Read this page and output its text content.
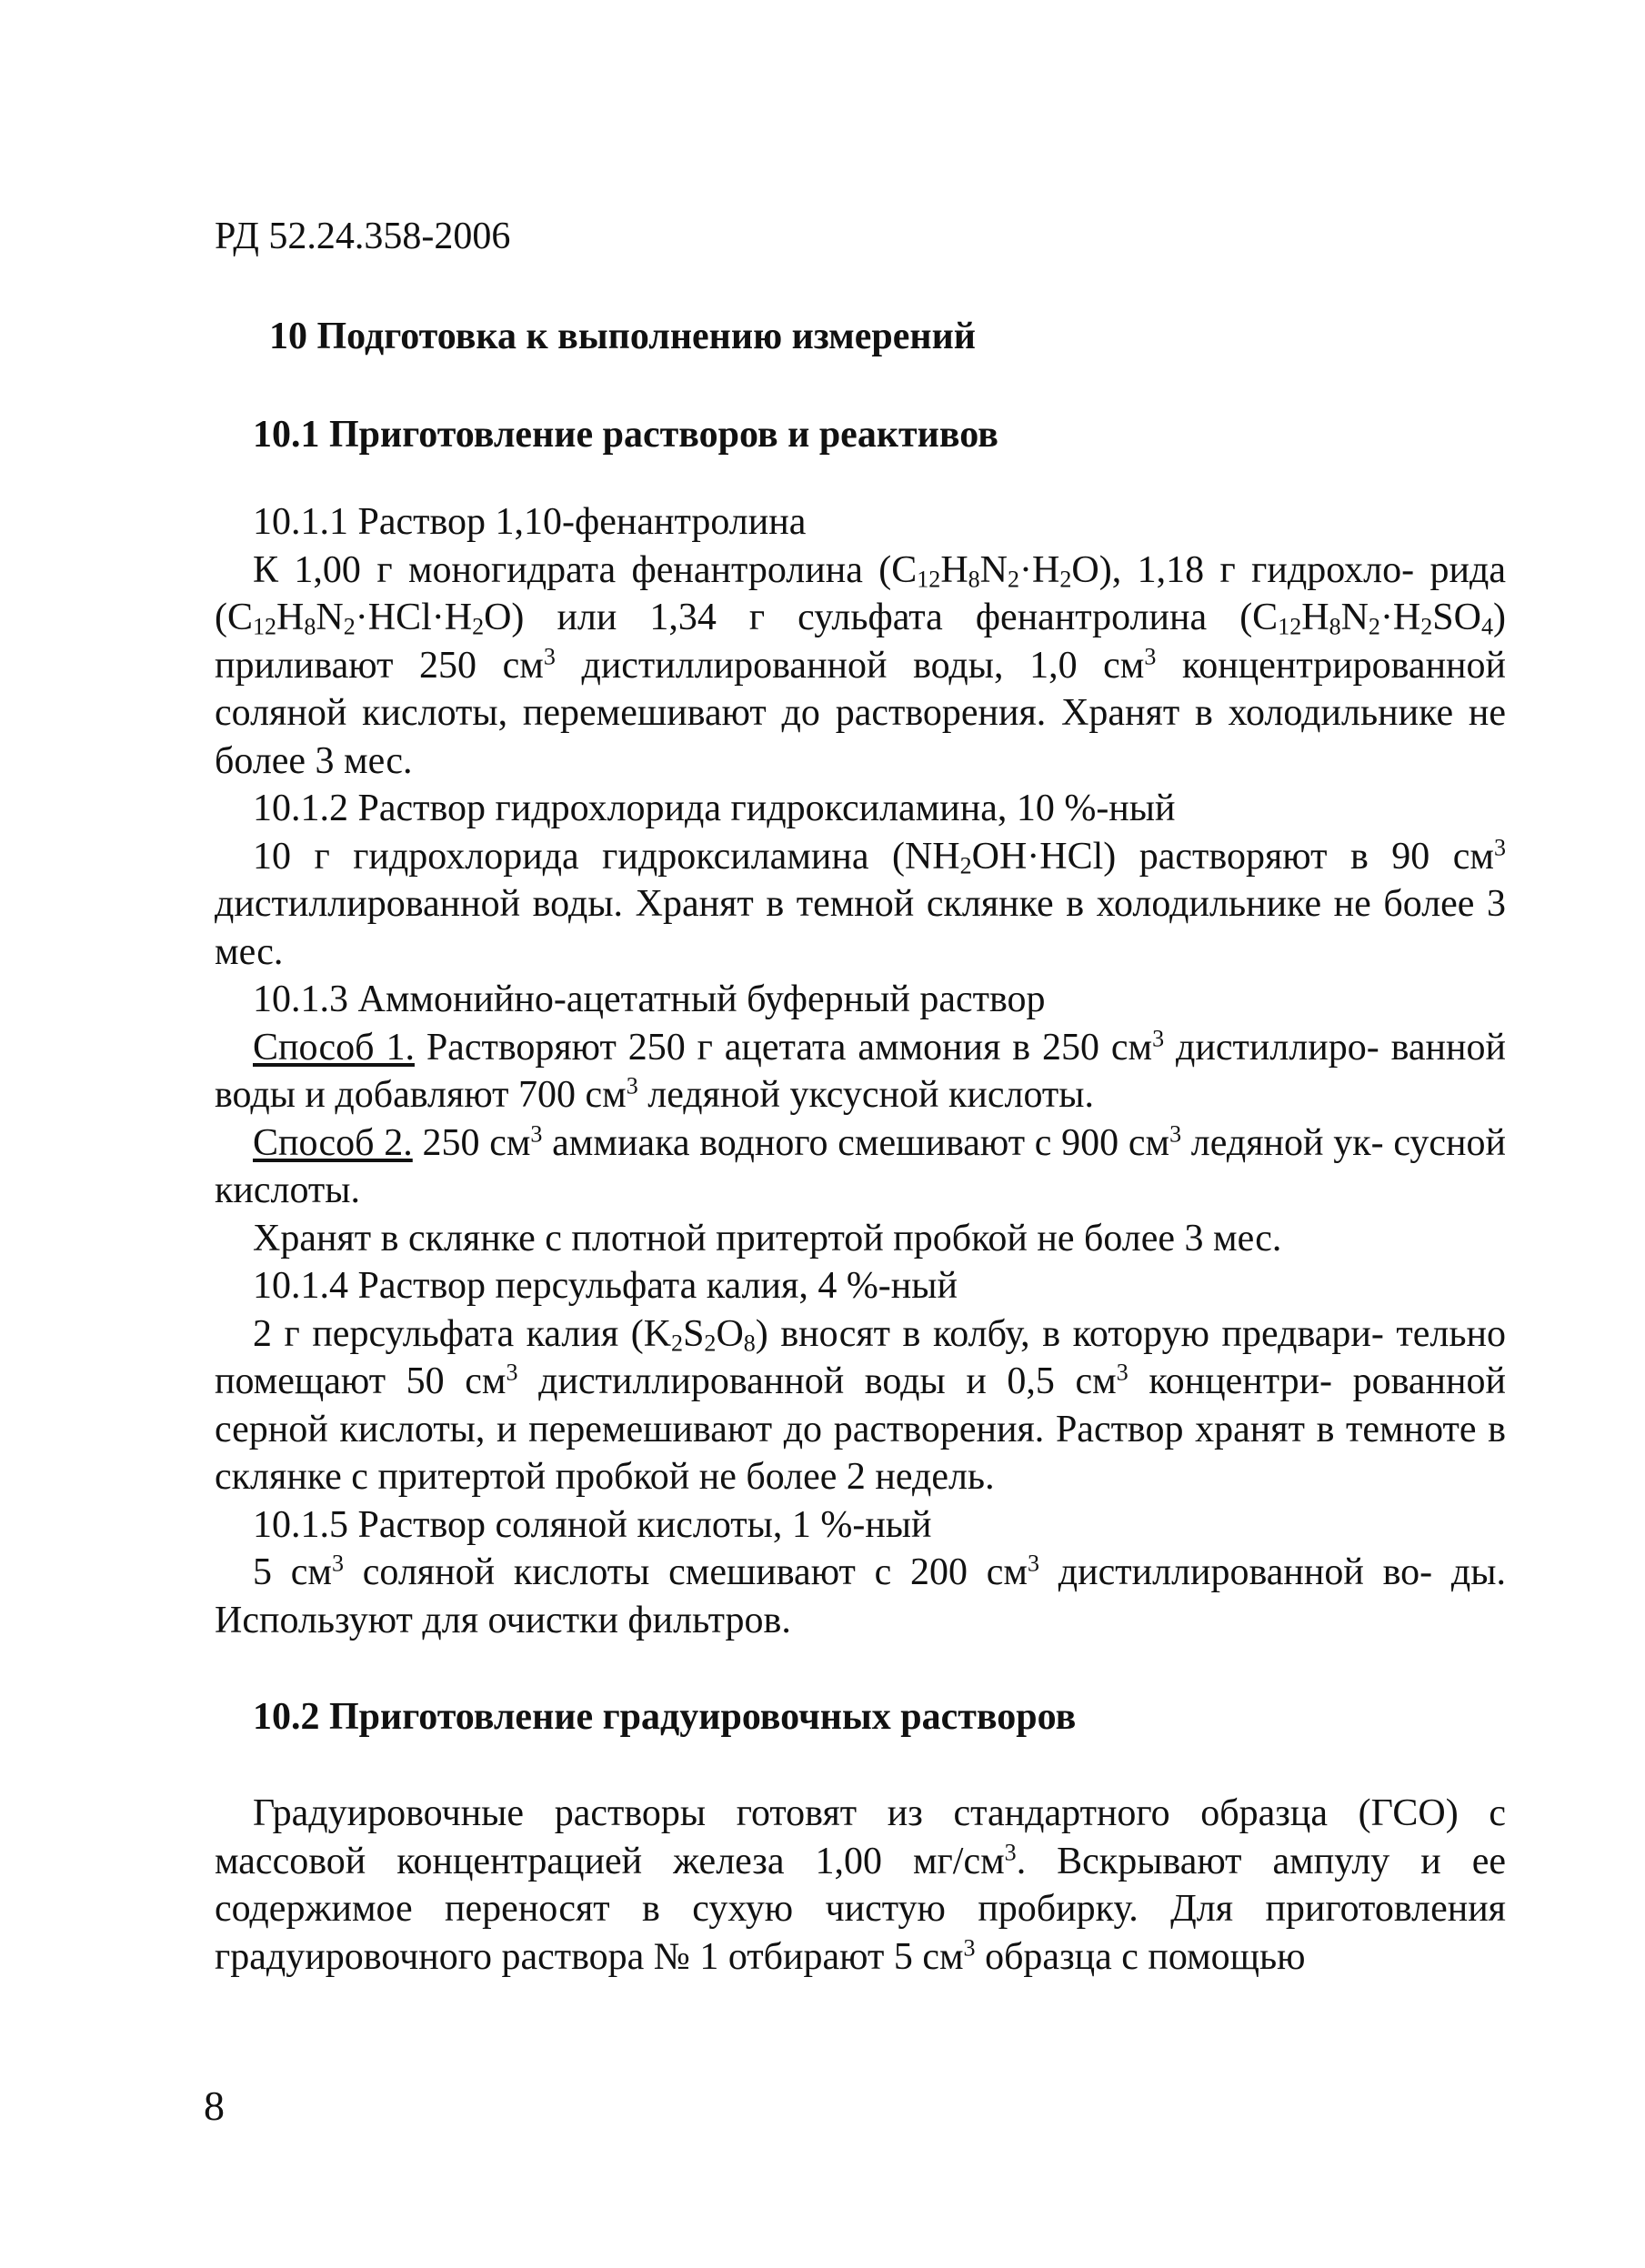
РД 52.24.358-2006
10 Подготовка к выполнению измерений
10.1 Приготовление растворов и реактивов

10.1.1 Раствор 1,10-фенантролина

К 1,00 г моногидрата фенантролина $(C_{12}H_8N_2\cdot H_2O)$, 1,18 г гидрохло- рида $(C_{12}H_8N_2\cdot HCl\cdot H_2O)$ или 1,34 г сульфата фенантролина $(C_{12}H_8N_2\cdot H_2SO_4)$ приливают 250 $см^3$ дистиллированной воды, 1,0 $см^3$ концентрированной соляной кислоты, перемешивают до растворения. Хранят в холодильнике не более 3 мес.

10.1.2 Раствор гидрохлорида гидроксиламина, 10 %-ный

10 г гидрохлорида гидроксиламина $(NH_2OH\cdot HCl)$ растворяют в 90 $см^3$ дистиллированной воды. Хранят в темной склянке в холодильнике не более 3 мес.

10.1.3 Аммонийно-ацетатный буферный раствор

Способ 1. Растворяют 250 г ацетата аммония в 250 $см^3$ дистиллиро- ванной воды и добавляют 700 $см^3$ ледяной уксусной кислоты.

Способ 2. 250 $см^3$ аммиака водного смешивают с 900 $см^3$ ледяной ук- сусной кислоты.

Хранят в склянке с плотной притертой пробкой не более 3 мес.

10.1.4 Раствор персульфата калия, 4 %-ный

2 г персульфата калия $(K_2S_2O_8)$ вносят в колбу, в которую предвари- тельно помещают 50 $см^3$ дистиллированной воды и 0,5 $см^3$ концентри- рованной серной кислоты, и перемешивают до растворения. Раствор хранят в темноте в склянке с притертой пробкой не более 2 недель.

10.1.5 Раствор соляной кислоты, 1 %-ный

5 $см^3$ соляной кислоты смешивают с 200 $см^3$ дистиллированной во- ды. Используют для очистки фильтров.

10.2 Приготовление градуировочных растворов

Градуировочные растворы готовят из стандартного образца (ГСО) с массовой концентрацией железа 1,00 $мг/см^3$. Вскрывают ампулу и ее содержимое переносят в сухую чистую пробирку. Для приготовления градуировочного раствора № 1 отбирают 5 $см^3$ образца с помощью

8
